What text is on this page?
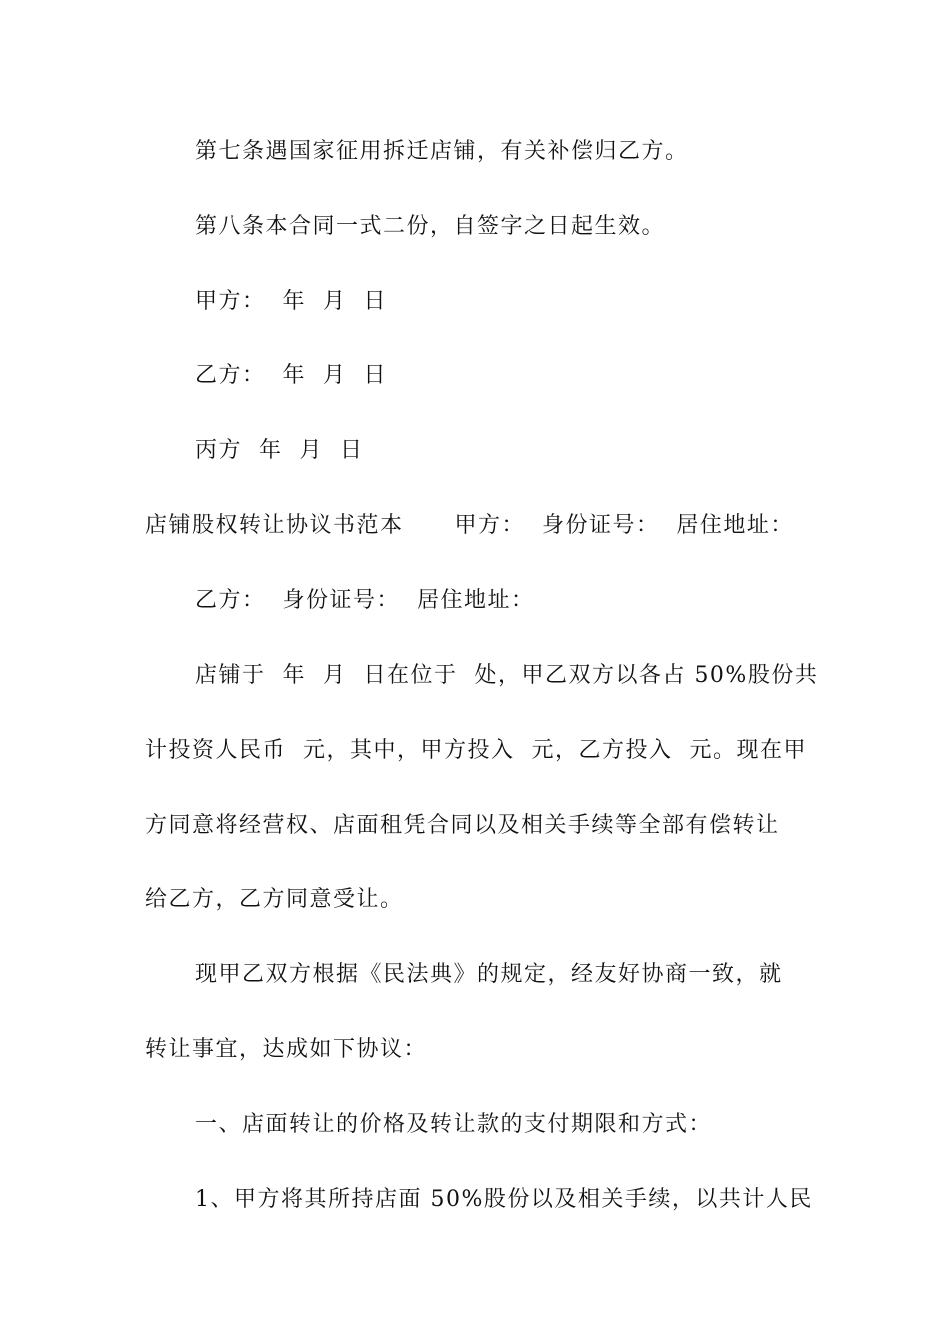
第七条遇国家征用拆迁店铺，有关补偿归乙方。
第八条本合同一式二份，自签字之日起生效。
甲方：  年  月  日
乙方：  年  月  日
丙方  年  月  日
店铺股权转让协议书范本      甲方：  身份证号：  居住地址：
乙方：  身份证号：  居住地址：
店铺于  年  月  日在位于  处，甲乙双方以各占 50%股份共
计投资人民币  元，其中，甲方投入  元，乙方投入  元。现在甲
方同意将经营权、店面租凭合同以及相关手续等全部有偿转让
给乙方，乙方同意受让。
现甲乙双方根据《民法典》的规定，经友好协商一致，就
转让事宜，达成如下协议：
一、店面转让的价格及转让款的支付期限和方式：
1、甲方将其所持店面 50%股份以及相关手续，以共计人民
